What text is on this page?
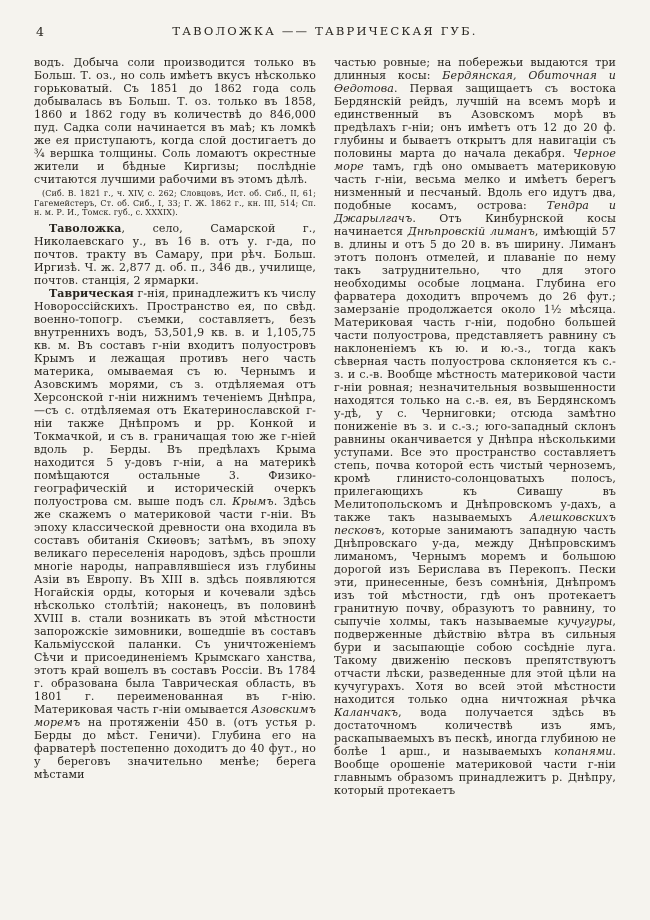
4	ТАВОЛОЖКА —— ТАВРИЧЕСКАЯ ГУБ.

водъ. Добыча соли производится только въ Больш. Т. оз., но соль имѣетъ вкусъ нѣсколько горьковатый. Съ 1851 до 1862 года соль добывалась въ Больш. Т. оз. только въ 1858, 1860 и 1862 году въ количествѣ до 846,000 пуд. Садка соли начинается въ маѣ; къ ломкѣ же ея приступаютъ, когда слой достигаетъ до ¾ вершка толщины. Соль ломаютъ окрестные жители и бѣдные Киргизы; послѣдніе считаются лучшими рабочими въ этомъ дѣлѣ.

(Сиб. В. 1821 г., ч. XIV, с. 262; Словцовъ, Ист. об. Сиб., II, 61; Гагемейстеръ, Ст. об. Сиб., I, 33; Г. Ж. 1862 г., кн. III, 514; Сп. н. м. Р. И., Томск. губ., с. XXXIX).

Таволожка, село, Самарской г., Николаевскаго у., въ 16 в. отъ у. г-да, по почтов. тракту въ Самару, при рѣч. Больш. Иргизѣ. Ч. ж. 2,877 д. об. п., 346 дв., училище, почтов. станція, 2 ярмарки.

Таврическая г-нія, принадлежитъ къ числу Новороссійскихъ. Пространство ея, по свѣд. военно-топогр. съемки, составляетъ, безъ внутреннихъ водъ, 53,501,9 кв. в. и 1,105,75 кв. м. Въ составъ г-ніи входитъ полуостровъ Крымъ и лежащая противъ него часть материка, омываемая съ ю. Чернымъ и Азовскимъ морями, съ з. отдѣляемая отъ Херсонской г-ніи нижнимъ теченіемъ Днѣпра,—съ с. отдѣляемая отъ Екатеринославской г-ніи также Днѣпромъ и рр. Конкой и Токмачкой, и съ в. граничащая тою же г-ніей вдоль р. Берды. Въ предѣлахъ Крыма находится 5 у-довъ г-ніи, а на материкѣ помѣщаются остальные 3. Физико-географическій и историческій очеркъ полуострова см. выше подъ сл. Крымъ. Здѣсь же скажемъ о материковой части г-ніи. Въ эпоху классической древности она входила въ составъ обитанія Скиѳовъ; затѣмъ, въ эпоху великаго переселенія народовъ, здѣсь прошли многіе народы, направлявшіеся изъ глубины Азіи въ Европу. Въ XIII в. здѣсь появляются Ногайскія орды, которыя и кочевали здѣсь нѣсколько столѣтій; наконецъ, въ половинѣ XVIII в. стали возникать въ этой мѣстности запорожскіе зимовники, вошедшіе въ составъ Кальміусской паланки. Съ уничтоженіемъ Сѣчи и присоединеніемъ Крымскаго ханства, этотъ край вошелъ въ составъ Россіи. Въ 1784 г. образована была Таврическая область, въ 1801 г. переименованная въ г-нію. Материковая часть г-ніи омывается Азовскимъ моремъ на протяженіи 450 в. (отъ устья р. Берды до мѣст. Геничи). Глубина его на фарватерѣ постепенно доходитъ до 40 фут., но у береговъ значительно менѣе; берега мѣстами

частью ровные; на побережьи выдаются три длинныя косы: Бердянская, Обиточная и Ѳедотова. Первая защищаетъ съ востока Бердянскій рейдъ, лучшій на всемъ морѣ и единственный въ Азовскомъ морѣ въ предѣлахъ г-ніи; онъ имѣетъ отъ 12 до 20 ф. глубины и бываетъ открытъ для навигаціи съ половины марта до начала декабря. Черное море тамъ, гдѣ оно омываетъ материковую часть г-ніи, весьма мелко и имѣетъ берегъ низменный и песчаный. Вдоль его идутъ два, подобные косамъ, острова: Тендра и Джарылгачъ. Отъ Кинбурнской косы начинается Днѣпровскій лиманъ, имѣющій 57 в. длины и отъ 5 до 20 в. въ ширину. Лиманъ этотъ полонъ отмелей, и плаваніе по нему такъ затруднительно, что для этого необходимы особые лоцмана. Глубина его фарватера доходитъ впрочемъ до 26 фут.; замерзаніе продолжается около 1½ мѣсяца. Материковая часть г-ніи, подобно большей части полуострова, представляетъ равнину съ наклоненіемъ къ ю. и ю.-з., тогда какъ сѣверная часть полуострова склоняется къ с.-з. и с.-в. Вообще мѣстность материковой части г-ніи ровная; незначительныя возвышенности находятся только на с.-в. ея, въ Бердянскомъ у-дѣ, у с. Черниговки; отсюда замѣтно пониженіе въ з. и с.-з.; юго-западный склонъ равнины оканчивается у Днѣпра нѣсколькими уступами. Все это пространство составляетъ степь, почва которой есть чистый черноземъ, кромѣ глинисто-солонцоватыхъ полосъ, прилегающихъ къ Сивашу въ Мелитопольскомъ и Днѣпровскомъ у-дахъ, а также такъ называемыхъ Алешковскихъ песковъ, которые занимаютъ западную часть Днѣпровскаго у-да, между Днѣпровскимъ лиманомъ, Чернымъ моремъ и большою дорогой изъ Берислава въ Перекопъ. Пески эти, принесенные, безъ сомнѣнія, Днѣпромъ изъ той мѣстности, гдѣ онъ протекаетъ гранитную почву, образуютъ то равнину, то сыпучіе холмы, такъ называемые кучугуры, подверженные дѣйствію вѣтра въ сильныя бури и засыпающіе собою сосѣдніе луга. Такому движенію песковъ препятствуютъ отчасти лѣски, разведенные для этой цѣли на кучугурахъ. Хотя во всей этой мѣстности находится только одна ничтожная рѣчка Каланчакъ, вода получается здѣсь въ достаточномъ количествѣ изъ ямъ, раскапываемыхъ въ пескѣ, иногда глубиною не болѣе 1 арш., и называемыхъ копанями. Вообще орошеніе материковой части г-ніи главнымъ образомъ принадлежитъ р. Днѣпру, который протекаетъ
